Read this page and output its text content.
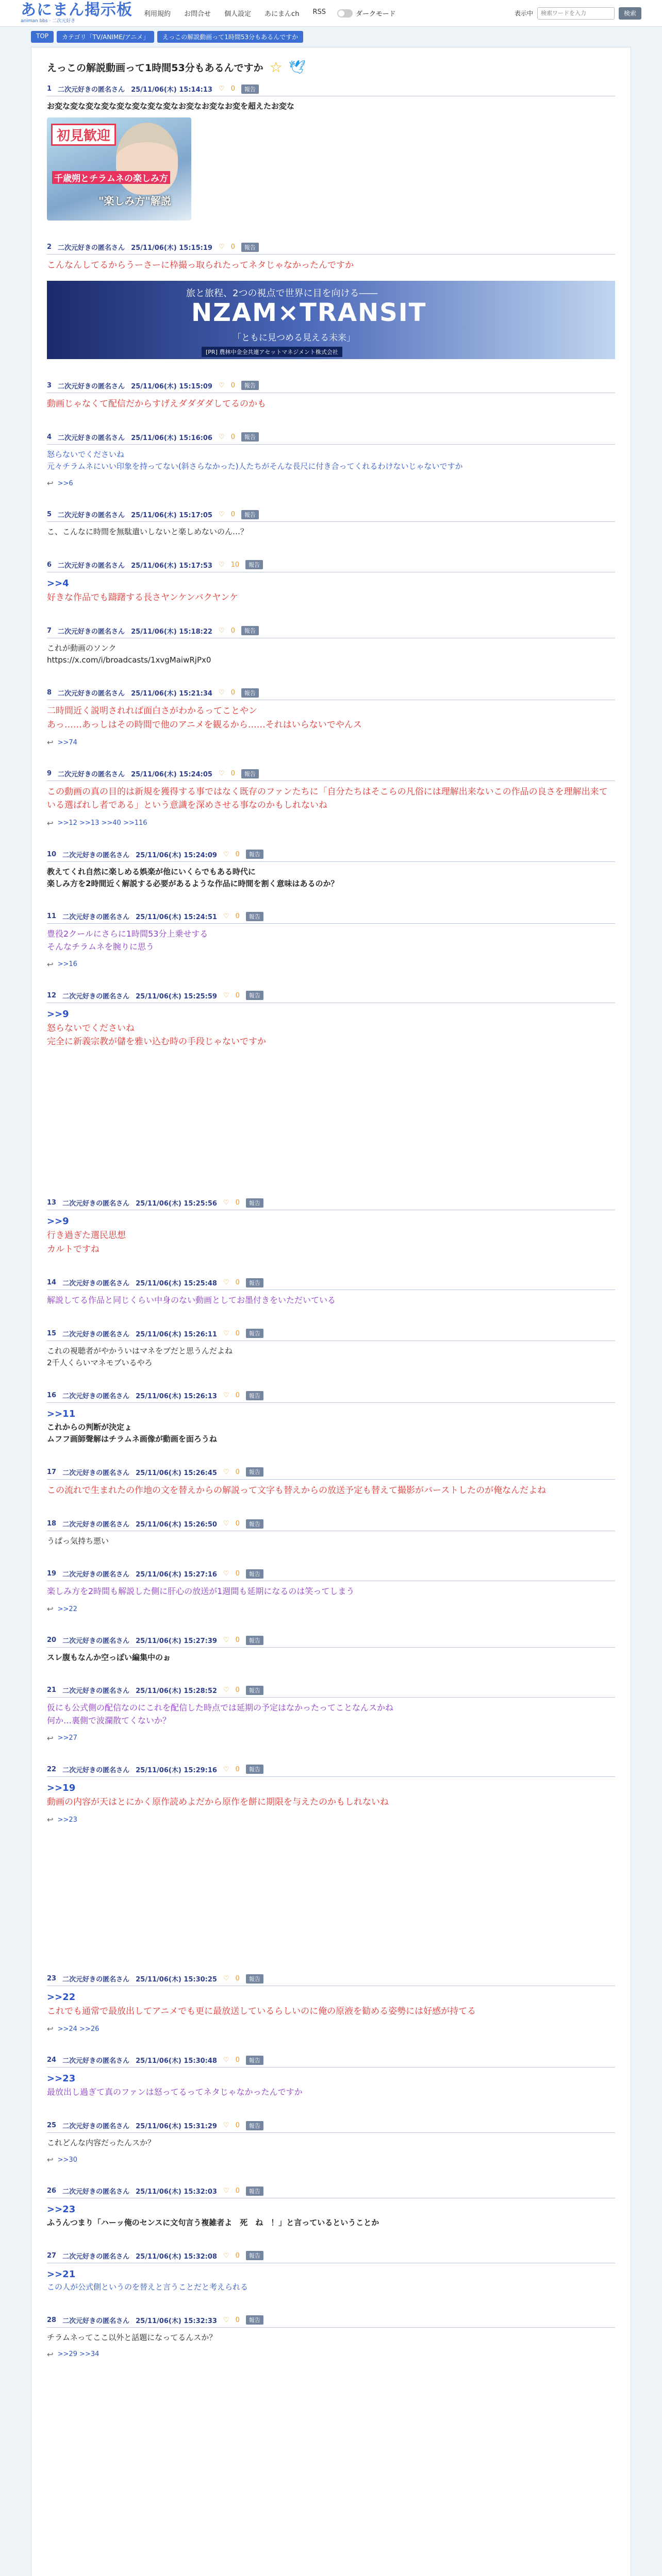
あにまん掲示板
animan bbs · 二次元好き
利用規約 お問合せ 個人設定 あにまんch RSS	ダークモード	表示中
検索ワードを入力	検索
TOP	カテゴリ「TV/ANIME/アニメ」	えっこの解説動画って1時間53分もあるんですか
えっこの解説動画って1時間53分もあるんですか ☆ 🕊
1 二次元好きの匿名さん 25/11/06(木) 15:14:13 ♡ 0	報告
お変な変な変な変な変な変な変な変なお変なお変なお変を超えたお変な
初見歓迎
千歳朔とチラムネの楽しみ方
"楽しみ方"解説
2 二次元好きの匿名さん 25/11/06(木) 15:15:19 ♡ 0	報告
こんなんしてるからうーさーに枠撮っ取られたってネタじゃなかったんですか
旅と旅程、2つの視点で世界に目を向ける――
NZAM×TRANSIT
「ともに見つめる見える未来」
[PR] 農林中金全共連アセットマネジメント株式会社
3 二次元好きの匿名さん 25/11/06(木) 15:15:09 ♡ 0	報告
動画じゃなくて配信だからすげえダダダダしてるのかも
4 二次元好きの匿名さん 25/11/06(木) 15:16:06 ♡ 0	報告
怒らないでくださいね
元々チラムネにいい印象を持ってない(斜さらなかった)人たちがそんな長尺に付き合ってくれるわけないじゃないですか
↩ >>6
5 二次元好きの匿名さん 25/11/06(木) 15:17:05 ♡ 0	報告
こ、こんなに時間を無駄遣いしないと楽しめないのん…？
6 二次元好きの匿名さん 25/11/06(木) 15:17:53 ♡ 10	報告
>>4
好きな作品でも躊躇する長さヤンケンバクヤンケ
7 二次元好きの匿名さん 25/11/06(木) 15:18:22 ♡ 0	報告
これが動画のソンク
https://x.com/i/broadcasts/1xvgMaiwRjPx0
8 二次元好きの匿名さん 25/11/06(木) 15:21:34 ♡ 0	報告
二時間近く説明されれば面白さがわかるってことやン
あっ……あっしはその時間で他のアニメを観るから……それはいらないでやんス
↩ >>74
9 二次元好きの匿名さん 25/11/06(木) 15:24:05 ♡ 0	報告
この動画の真の目的は新規を獲得する事ではなく既存のファンたちに「自分たちはそこらの凡俗には理解出来ないこの作品の良さを理解出来ている選ばれし者である」という意識を深めさせる事なのかもしれないね
↩ >>12 >>13 >>40 >>116
10 二次元好きの匿名さん 25/11/06(木) 15:24:09 ♡ 0	報告
教えてくれ自然に楽しめる娯楽が他にいくらでもある時代に
楽しみ方を2時間近く解説する必要があるような作品に時間を割く意味はあるのか？
11 二次元好きの匿名さん 25/11/06(木) 15:24:51 ♡ 0	報告
豊役2クールにさらに1時間53分上乗せする
そんなチラムネを腕りに思う
↩ >>16
12 二次元好きの匿名さん 25/11/06(木) 15:25:59 ♡ 0	報告
>>9
怒らないでくださいね
完全に新義宗教が儲を雅い込む時の手段じゃないですか
13 二次元好きの匿名さん 25/11/06(木) 15:25:56 ♡ 0	報告
>>9
行き過ぎた選民思想
カルトですね
14 二次元好きの匿名さん 25/11/06(木) 15:25:48 ♡ 0	報告
解説してる作品と同じくらい中身のない動画としてお墨付きをいただいている
15 二次元好きの匿名さん 25/11/06(木) 15:26:11 ♡ 0	報告
これの視聴者がやかういはマネをブだと思うんだよね
2千人くらいマネモブいるやろ
16 二次元好きの匿名さん 25/11/06(木) 15:26:13 ♡ 0	報告
>>11
これからの判断が決定ょ
ムフフ画師聲解はチラムネ画像が動画を面ろうね
17 二次元好きの匿名さん 25/11/06(木) 15:26:45 ♡ 0	報告
この流れで生まれたの作地の文を替えからの解説って文字も替えからの放送予定も替えて撮影がバーストしたのが俺なんだよね
18 二次元好きの匿名さん 25/11/06(木) 15:26:50 ♡ 0	報告
うぱっ気持ち悪い
19 二次元好きの匿名さん 25/11/06(木) 15:27:16 ♡ 0	報告
楽しみ方を2時間も解説した側に肝心の放送が1週間も延期になるのは笑ってしまう
↩ >>22
20 二次元好きの匿名さん 25/11/06(木) 15:27:39 ♡ 0	報告
スレ腹もなんか空っぽい編集中のぉ
21 二次元好きの匿名さん 25/11/06(木) 15:28:52 ♡ 0	報告
仮にも公式側の配信なのにこれを配信した時点では延期の予定はなかったってことなんスかね
何か…裏側で波瀾散てくないか？
↩ >>27
22 二次元好きの匿名さん 25/11/06(木) 15:29:16 ♡ 0	報告
>>19
動画の内容が天はとにかく原作読めよだから原作を餅に期限を与えたのかもしれないね
↩ >>23
23 二次元好きの匿名さん 25/11/06(木) 15:30:25 ♡ 0	報告
>>22
これでも通常で最放出してアニメでも更に最放送しているらしいのに俺の原液を勧める姿勢には好感が持てる
↩ >>24 >>26
24 二次元好きの匿名さん 25/11/06(木) 15:30:48 ♡ 0	報告
>>23
最放出し過ぎて真のファンは怒ってるってネタじゃなかったんですか
25 二次元好きの匿名さん 25/11/06(木) 15:31:29 ♡ 0	報告
これどんな内容だったんスか？
↩ >>30
26 二次元好きの匿名さん 25/11/06(木) 15:32:03 ♡ 0	報告
>>23
ふうんつまり「ハーッ俺のセンスに文句言う複雑者よ　死　ね　！」と言っているということか
27 二次元好きの匿名さん 25/11/06(木) 15:32:08 ♡ 0	報告
>>21
この人が公式側というのを替えと言うことだと考えられる
28 二次元好きの匿名さん 25/11/06(木) 15:32:33 ♡ 0	報告
チラムネってここ以外と話題になってるんスか？
↩ >>29 >>34
